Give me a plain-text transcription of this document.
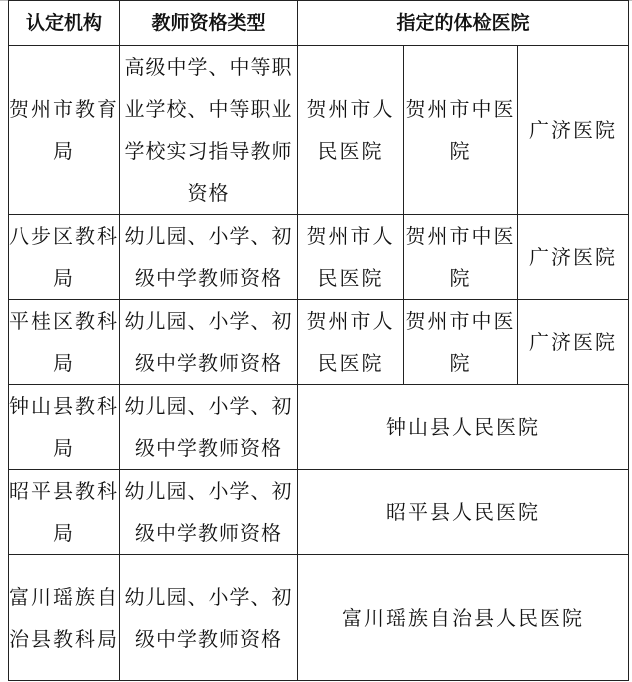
认定机构	教师资格类型	指定的体检医院		
贺州市教育局	高级中学、中等职业学校、中等职业学校实习指导教师资格	贺州市人民医院	贺州市中医院	广济医院
八步区教科局	幼儿园、小学、初级中学教师资格	贺州市人民医院	贺州市中医院	广济医院
平桂区教科局	幼儿园、小学、初级中学教师资格	贺州市人民医院	贺州市中医院	广济医院
钟山县教科局	幼儿园、小学、初级中学教师资格	钟山县人民医院		
昭平县教科局	幼儿园、小学、初级中学教师资格	昭平县人民医院		
富川瑶族自治县教科局	幼儿园、小学、初级中学教师资格	富川瑶族自治县人民医院		
